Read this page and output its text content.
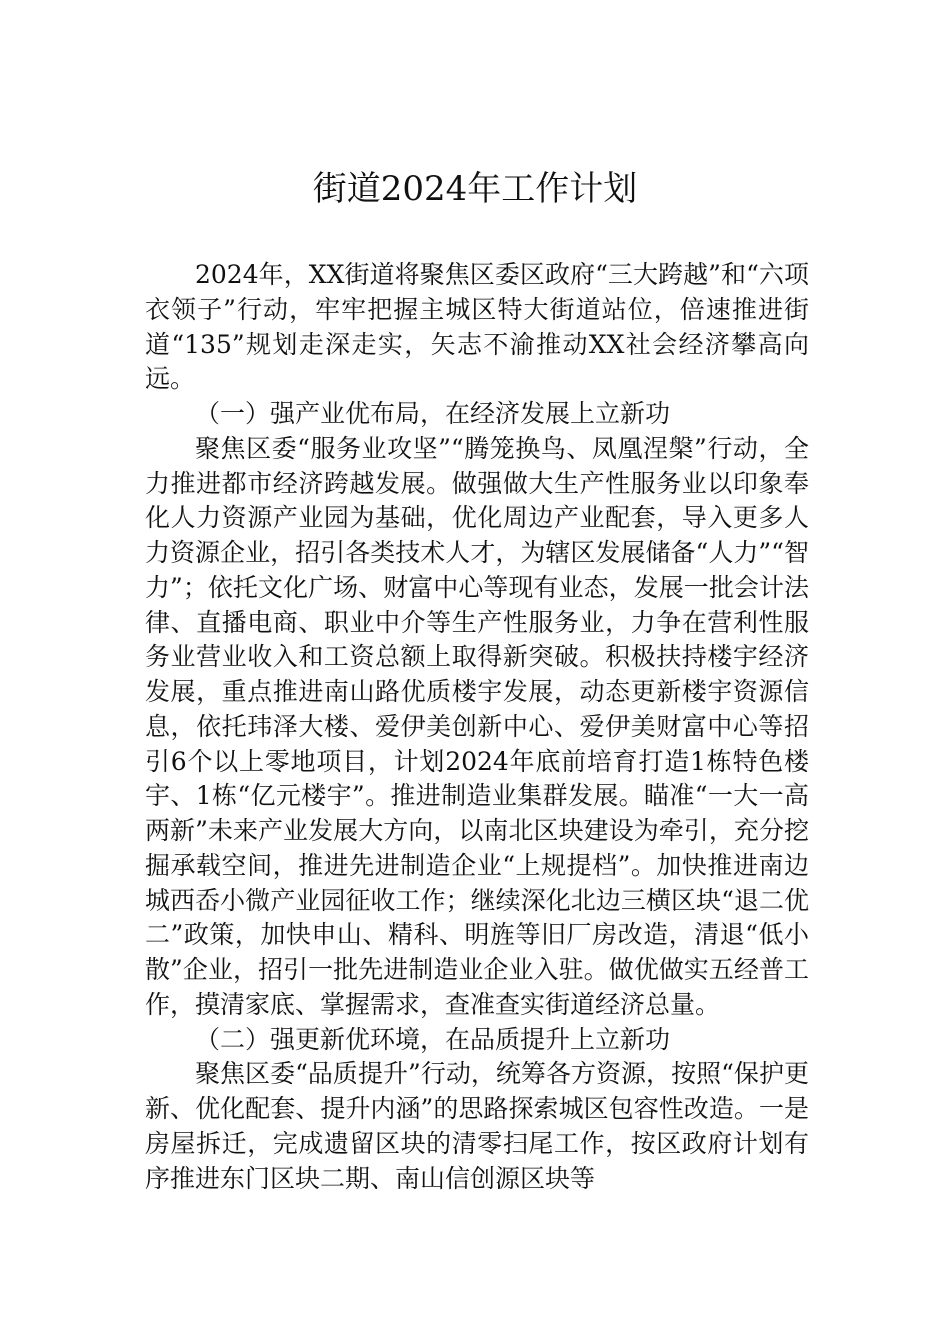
街道2024年工作计划

2024年，XX街道将聚焦区委区政府“三大跨越”和“六项衣领子”行动，牢牢把握主城区特大街道站位，倍速推进街道“135”规划走深走实，矢志不渝推动XX社会经济攀高向远。

（一）强产业优布局，在经济发展上立新功

聚焦区委“服务业攻坚”“腾笼换鸟、凤凰涅槃”行动，全力推进都市经济跨越发展。做强做大生产性服务业以印象奉化人力资源产业园为基础，优化周边产业配套，导入更多人力资源企业，招引各类技术人才，为辖区发展储备“人力”“智力”；依托文化广场、财富中心等现有业态，发展一批会计法律、直播电商、职业中介等生产性服务业，力争在营利性服务业营业收入和工资总额上取得新突破。积极扶持楼宇经济发展，重点推进南山路优质楼宇发展，动态更新楼宇资源信息，依托玮泽大楼、爱伊美创新中心、爱伊美财富中心等招引6个以上零地项目，计划2024年底前培育打造1栋特色楼宇、1栋“亿元楼宇”。推进制造业集群发展。瞄准“一大一高两新”未来产业发展大方向，以南北区块建设为牵引，充分挖掘承载空间，推进先进制造企业“上规提档”。加快推进南边城西岙小微产业园征收工作；继续深化北边三横区块“退二优二”政策，加快申山、精科、明旌等旧厂房改造，清退“低小散”企业，招引一批先进制造业企业入驻。做优做实五经普工作，摸清家底、掌握需求，查准查实街道经济总量。

（二）强更新优环境，在品质提升上立新功

聚焦区委“品质提升”行动，统筹各方资源，按照“保护更新、优化配套、提升内涵”的思路探索城区包容性改造。一是房屋拆迁，完成遗留区块的清零扫尾工作，按区政府计划有序推进东门区块二期、南山信创源区块等
